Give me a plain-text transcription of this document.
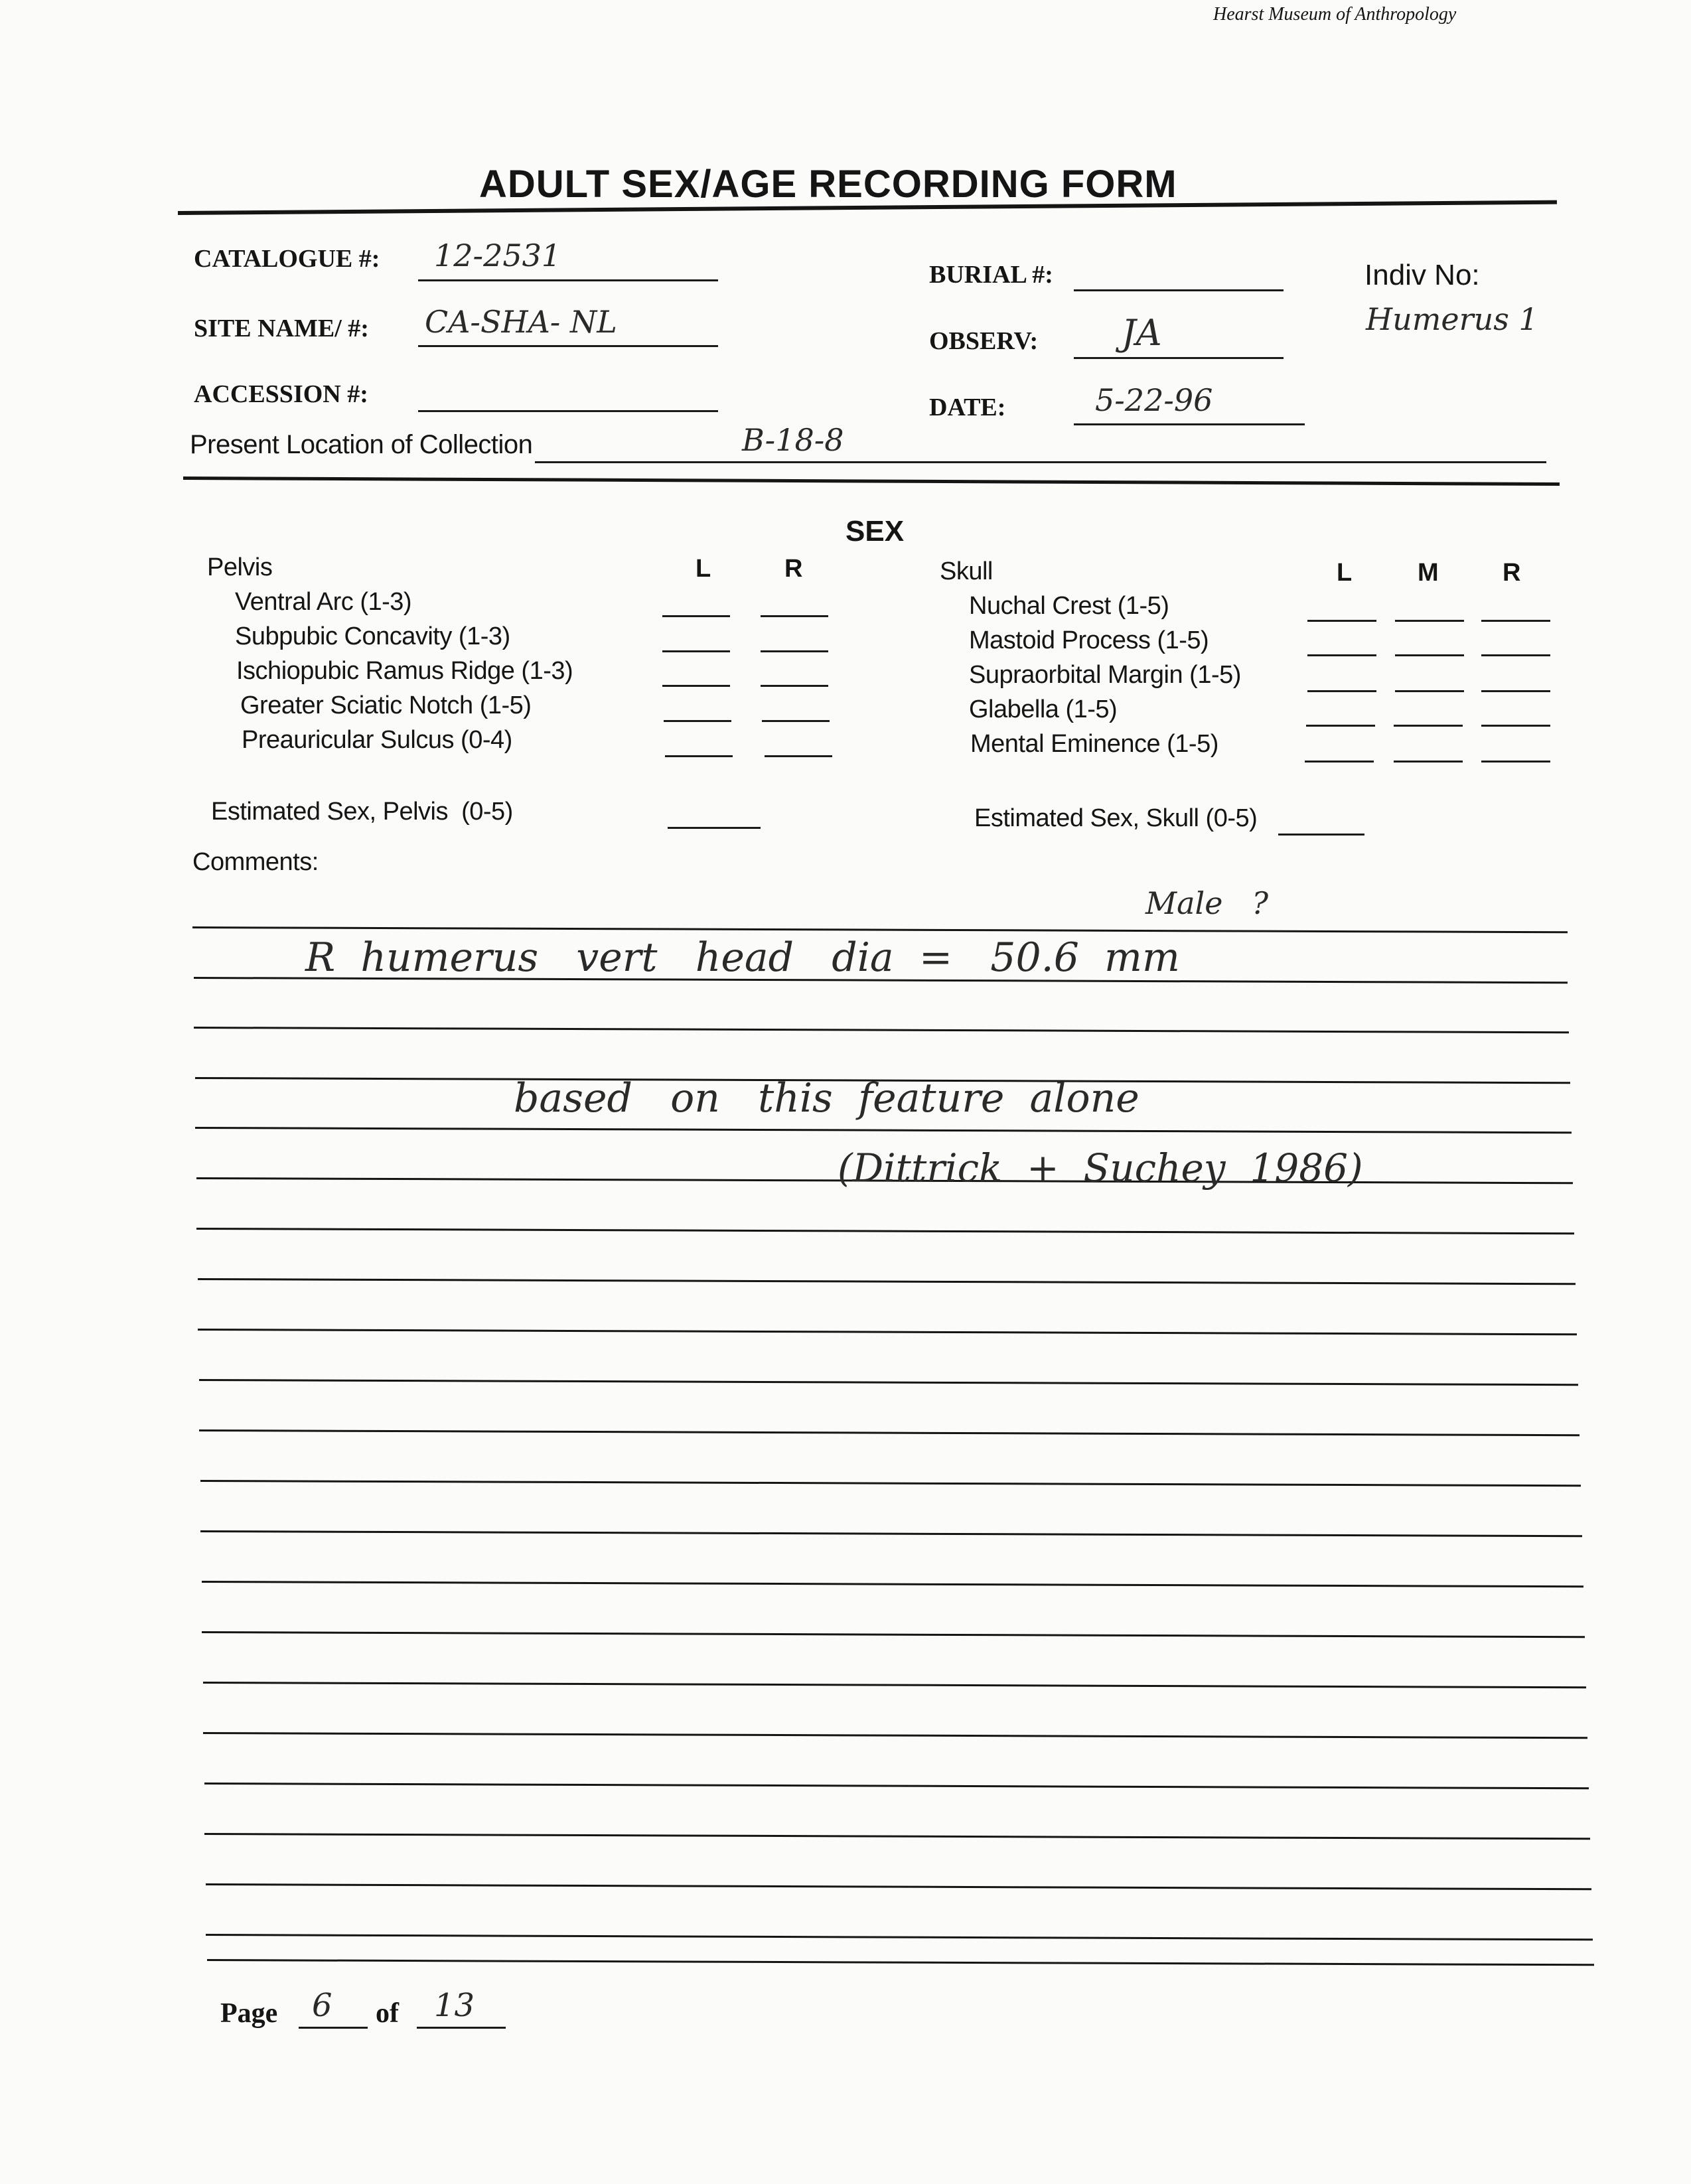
Hearst Museum of Anthropology
ADULT SEX/AGE RECORDING FORM
CATALOGUE #: 12-2531
SITE NAME/ #: CA-SHA- NL
ACCESSION #:
Present Location of Collection	B-18-8
BURIAL #:
OBSERV: JA
DATE:	5-22-96
Indiv No:
Humerus 1
SEX
Pelvis	L	R
Ventral Arc (1-3)
Subpubic Concavity (1-3)
Ischiopubic Ramus Ridge (1-3)
Greater Sciatic Notch (1-5)
Preauricular Sulcus (0-4)
Estimated Sex, Pelvis  (0-5)
Skull	L	M	R
Nuchal Crest (1-5)
Mastoid Process (1-5)
Supraorbital Margin (1-5)
Glabella (1-5)
Mental Eminence (1-5)
Estimated Sex, Skull (0-5)
Comments:
Male   ?
R  humerus   vert   head   dia  =   50.6  mm
based   on   this  feature  alone
(Dittrick  +  Suchey  1986)
Page 6 of 13
